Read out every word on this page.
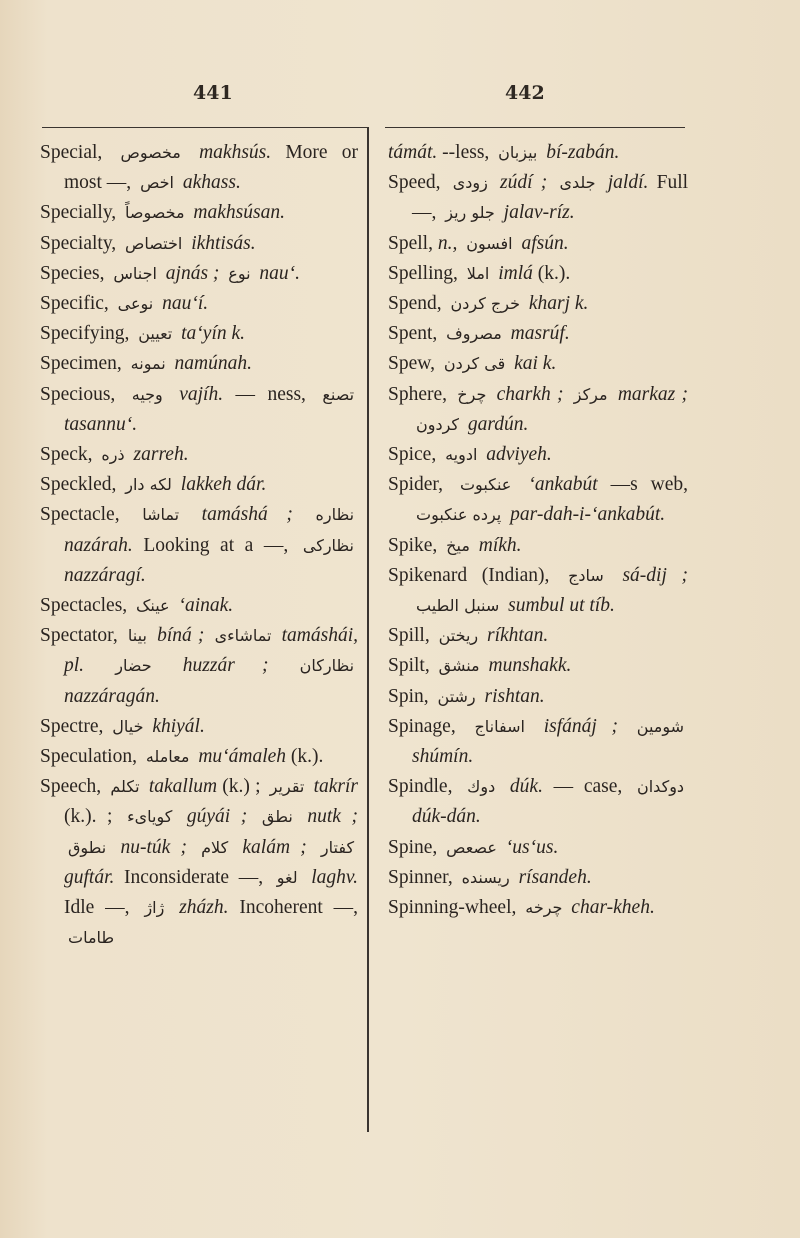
441	442

Special, مخصوص makhsús. More or most —, اخص akhass.

Specially, مخصوصاً makhsúsan.

Specialty, اختصاص ikhtisás.

Species, اجناس ajnás ; نوع nau‘.

Specific, نوعی nau‘í.

Specifying, تعیین ta‘yín k.

Specimen, نمونه namúnah.

Specious, وجیه vajíh. — ness, تصنع tasannu‘.

Speck, ذره zarreh.

Speckled, لکه دار lakkeh dár.

Spectacle, تماشا tamáshá ; نظاره nazárah. Looking at a —, نظارکی nazzáragí.

Spectacles, عینک ‘ainak.

Spectator, بینا bíná ; تماشاءی tamáshái, pl. حضار huzzár ; نظارکان nazzáragán.

Spectre, خیال khiyál.

Speculation, معامله mu‘ámaleh (k.).

Speech, تکلم takallum (k.) ; تقریر takrír (k.). ; کویاىء gúyái ; نطق nutk ; نطوق nu-túk ; کلام kalám ; کفتار guftár. Inconsiderate —, لغو laghv. Idle —, ژاژ zházh. Incoherent —, طامات

támát. --less, بیزبان bí-zabán.

Speed, زودی zúdí ; جلدی jaldí. Full —, جلو ریز jalav-ríz.

Spell, n., افسون afsún.

Spelling, املا imlá (k.).

Spend, خرج کردن kharj k.

Spent, مصروف masrúf.

Spew, قی کردن kai k.

Sphere, چرخ charkh ; مرکز markaz ; کردون gardún.

Spice, ادویه adviyeh.

Spider, عنکبوت ‘ankabút —s web, پرده عنکبوت par-dah-i-‘ankabút.

Spike, میخ míkh.

Spikenard (Indian), سادج sá-dij ; سنبل الطیب sumbul ut tíb.

Spill, ریختن ríkhtan.

Spilt, منشق munshakk.

Spin, رشتن rishtan.

Spinage, اسفاناج isfánáj ; شومین shúmín.

Spindle, دوك dúk. — case, دوکدان dúk-dán.

Spine, عصعص ‘us‘us.

Spinner, ریسنده rísandeh.

Spinning-wheel, چرخه char-kheh.
